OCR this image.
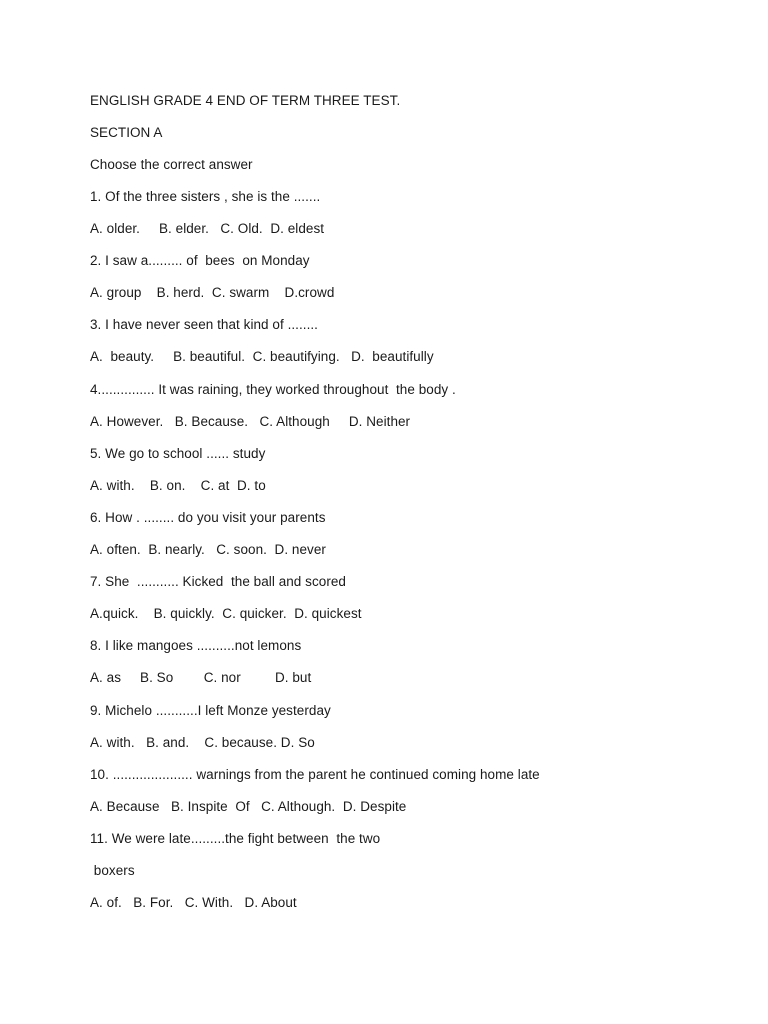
ENGLISH GRADE 4 END OF TERM THREE TEST.

SECTION A

Choose the correct answer

1. Of the three sisters , she is the .......

A. older.     B. elder.   C. Old.  D. eldest

2. I saw a......... of  bees  on Monday

A. group    B. herd.  C. swarm    D.crowd

3. I have never seen that kind of ........

A.  beauty.     B. beautiful.  C. beautifying.   D.  beautifully

4............... It was raining, they worked throughout  the body .

A. However.   B. Because.   C. Although     D. Neither

5. We go to school ...... study

A. with.    B. on.    C. at  D. to

6. How . ........ do you visit your parents

A. often.  B. nearly.   C. soon.  D. never

7. She  ........... Kicked  the ball and scored

A.quick.    B. quickly.  C. quicker.  D. quickest

8. I like mangoes ..........not lemons

A. as     B. So        C. nor         D. but

9. Michelo ...........I left Monze yesterday

A. with.   B. and.    C. because. D. So

10. ..................... warnings from the parent he continued coming home late

A. Because   B. Inspite  Of   C. Although.  D. Despite

11. We were late.........the fight between  the two

boxers

A. of.   B. For.   C. With.   D. About
